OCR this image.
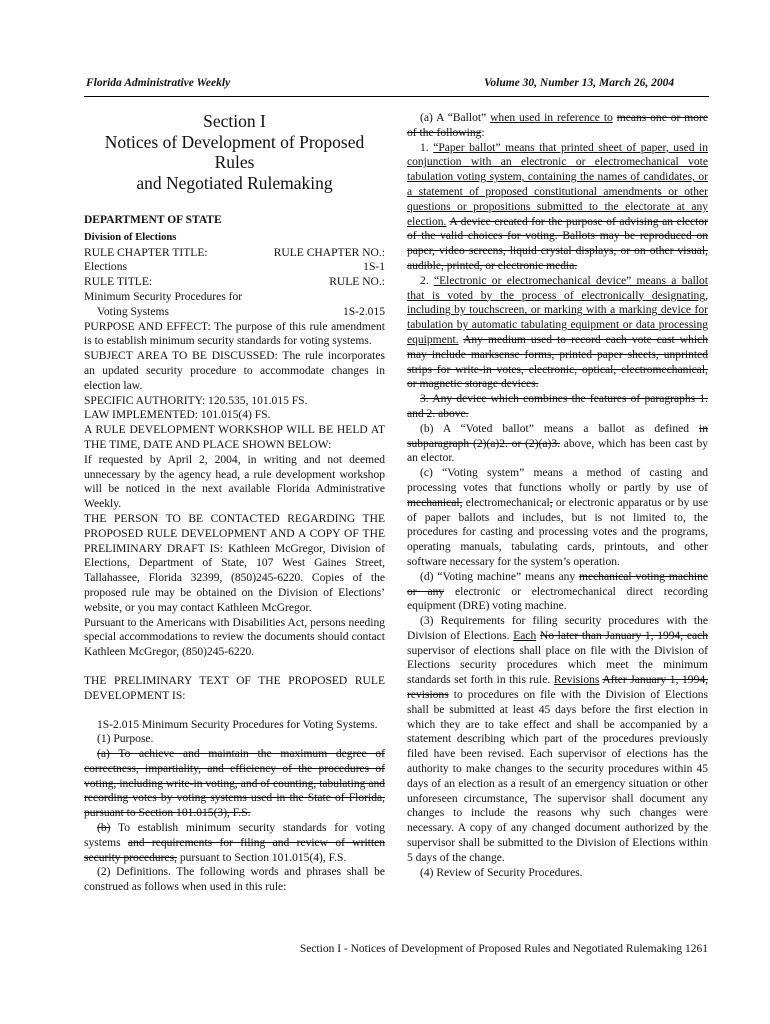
Florida Administrative Weekly	Volume 30, Number 13, March 26, 2004
Section I
Notices of Development of Proposed Rules
and Negotiated Rulemaking
DEPARTMENT OF STATE
Division of Elections
RULE CHAPTER TITLE:	RULE CHAPTER NO.:
Elections	1S-1
RULE TITLE:	RULE NO.:
Minimum Security Procedures for
Voting Systems	1S-2.015

PURPOSE AND EFFECT: The purpose of this rule amendment is to establish minimum security standards for voting systems.

SUBJECT AREA TO BE DISCUSSED: The rule incorporates an updated security procedure to accommodate changes in election law.

SPECIFIC AUTHORITY: 120.535, 101.015 FS.

LAW IMPLEMENTED: 101.015(4) FS.

A RULE DEVELOPMENT WORKSHOP WILL BE HELD AT THE TIME, DATE AND PLACE SHOWN BELOW:

If requested by April 2, 2004, in writing and not deemed unnecessary by the agency head, a rule development workshop will be noticed in the next available Florida Administrative Weekly.

THE PERSON TO BE CONTACTED REGARDING THE PROPOSED RULE DEVELOPMENT AND A COPY OF THE PRELIMINARY DRAFT IS: Kathleen McGregor, Division of Elections, Department of State, 107 West Gaines Street, Tallahassee, Florida 32399, (850)245-6220. Copies of the proposed rule may be obtained on the Division of Elections’ website, or you may contact Kathleen McGregor.

Pursuant to the Americans with Disabilities Act, persons needing special accommodations to review the documents should contact Kathleen McGregor, (850)245-6220.

THE PRELIMINARY TEXT OF THE PROPOSED RULE DEVELOPMENT IS:

1S-2.015 Minimum Security Procedures for Voting Systems.

(1) Purpose.

(a) To achieve and maintain the maximum degree of correctness, impartiality, and efficiency of the procedures of voting, including write-in voting, and of counting, tabulating and recording votes by voting systems used in the State of Florida, pursuant to Section 101.015(3), F.S.

(b) To establish minimum security standards for voting systems and requirements for filing and review of written security procedures, pursuant to Section 101.015(4), F.S.

(2) Definitions. The following words and phrases shall be construed as follows when used in this rule:

(a) A “Ballot” when used in reference to means one or more of the following:

1. “Paper ballot” means that printed sheet of paper, used in conjunction with an electronic or electromechanical vote tabulation voting system, containing the names of candidates, or a statement of proposed constitutional amendments or other questions or propositions submitted to the electorate at any election. A device created for the purpose of advising an elector of the valid choices for voting. Ballots may be reproduced on paper, video screens, liquid crystal displays, or on other visual, audible, printed, or electronic media.

2. “Electronic or electromechanical device” means a ballot that is voted by the process of electronically designating, including by touchscreen, or marking with a marking device for tabulation by automatic tabulating equipment or data processing equipment. Any medium used to record each vote cast which may include marksense forms, printed paper sheets, unprinted strips for write-in votes, electronic, optical, electromechanical, or magnetic storage devices.

3. Any device which combines the features of paragraphs 1. and 2. above.

(b) A “Voted ballot” means a ballot as defined in subparagraph (2)(a)2. or (2)(a)3. above, which has been cast by an elector.

(c) “Voting system” means a method of casting and processing votes that functions wholly or partly by use of mechanical, electromechanical, or electronic apparatus or by use of paper ballots and includes, but is not limited to, the procedures for casting and processing votes and the programs, operating manuals, tabulating cards, printouts, and other software necessary for the system’s operation.

(d) “Voting machine” means any mechanical voting machine or any electronic or electromechanical direct recording equipment (DRE) voting machine.

(3) Requirements for filing security procedures with the Division of Elections. Each No later than January 1, 1994, each supervisor of elections shall place on file with the Division of Elections security procedures which meet the minimum standards set forth in this rule. Revisions After January 1, 1994, revisions to procedures on file with the Division of Elections shall be submitted at least 45 days before the first election in which they are to take effect and shall be accompanied by a statement describing which part of the procedures previously filed have been revised. Each supervisor of elections has the authority to make changes to the security procedures within 45 days of an election as a result of an emergency situation or other unforeseen circumstance, The supervisor shall document any changes to include the reasons why such changes were necessary. A copy of any changed document authorized by the supervisor shall be submitted to the Division of Elections within 5 days of the change.

(4) Review of Security Procedures.

Section I - Notices of Development of Proposed Rules and Negotiated Rulemaking 1261
